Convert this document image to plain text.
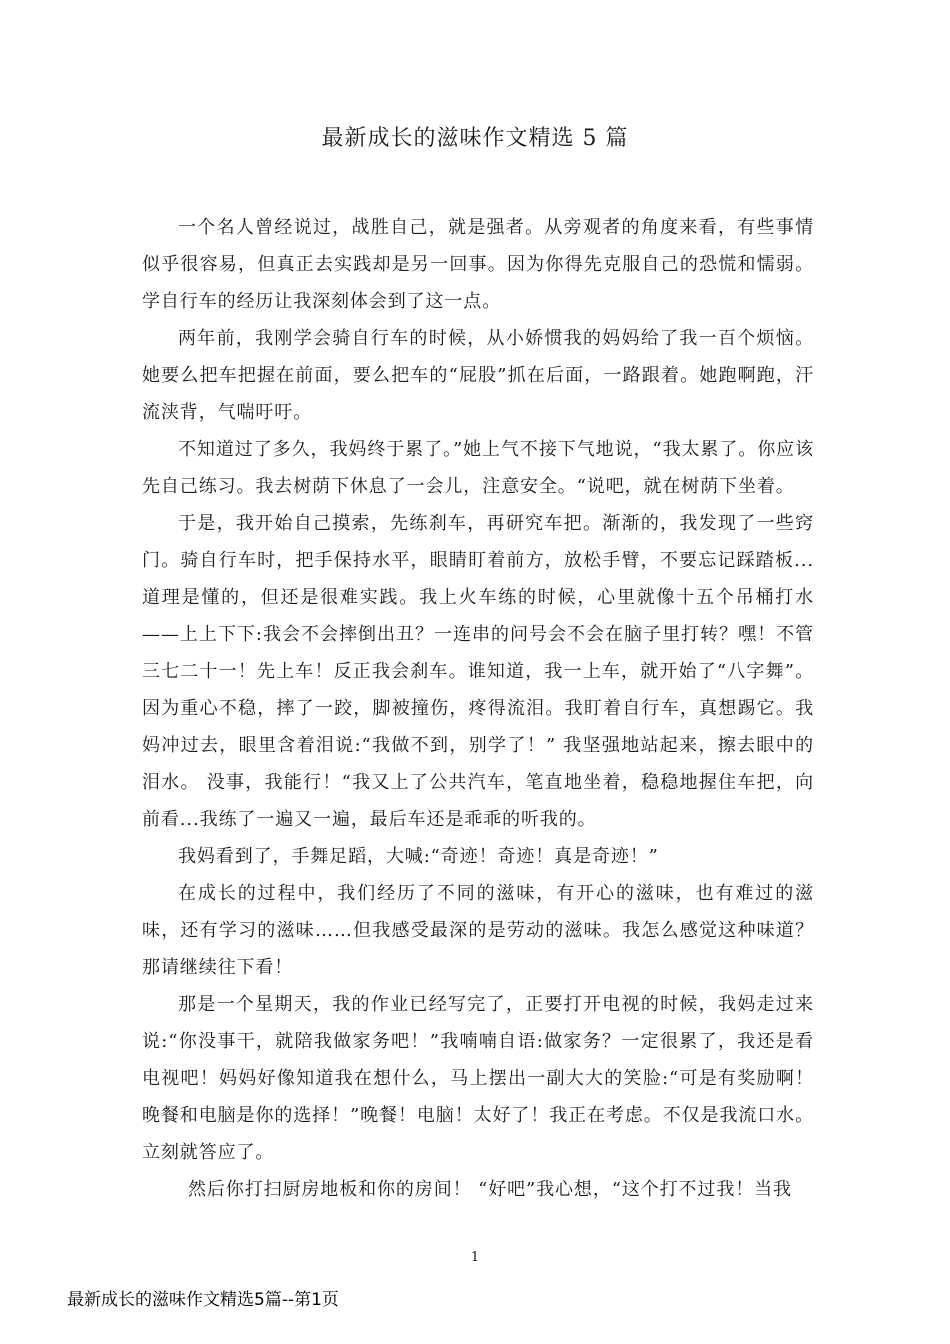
最新成长的滋味作文精选 5 篇

一个名人曾经说过，战胜自己，就是强者。从旁观者的角度来看，有些事情似乎很容易，但真正去实践却是另一回事。因为你得先克服自己的恐慌和懦弱。学自行车的经历让我深刻体会到了这一点。

两年前，我刚学会骑自行车的时候，从小娇惯我的妈妈给了我一百个烦恼。她要么把车把握在前面，要么把车的“屁股”抓在后面，一路跟着。她跑啊跑，汗流浃背，气喘吁吁。

不知道过了多久，我妈终于累了。”她上气不接下气地说，“我太累了。你应该先自己练习。我去树荫下休息了一会儿，注意安全。“说吧，就在树荫下坐着。

于是，我开始自己摸索，先练刹车，再研究车把。渐渐的，我发现了一些窍门。骑自行车时，把手保持水平，眼睛盯着前方，放松手臂，不要忘记踩踏板...道理是懂的，但还是很难实践。我上火车练的时候，心里就像十五个吊桶打水——上上下下:我会不会摔倒出丑？一连串的问号会不会在脑子里打转？嘿！不管三七二十一！先上车！反正我会刹车。谁知道，我一上车，就开始了“八字舞”。因为重心不稳，摔了一跤，脚被撞伤，疼得流泪。我盯着自行车，真想踢它。我妈冲过去，眼里含着泪说:“我做不到，别学了！” 我坚强地站起来，擦去眼中的泪水。 没事，我能行！“我又上了公共汽车，笔直地坐着，稳稳地握住车把，向前看...我练了一遍又一遍，最后车还是乖乖的听我的。

我妈看到了，手舞足蹈，大喊:“奇迹！奇迹！真是奇迹！”

在成长的过程中，我们经历了不同的滋味，有开心的滋味，也有难过的滋味，还有学习的滋味……但我感受最深的是劳动的滋味。我怎么感觉这种味道？那请继续往下看！

那是一个星期天，我的作业已经写完了，正要打开电视的时候，我妈走过来说:“你没事干，就陪我做家务吧！”我喃喃自语:做家务？一定很累了，我还是看电视吧！妈妈好像知道我在想什么，马上摆出一副大大的笑脸:“可是有奖励啊！晚餐和电脑是你的选择！”晚餐！电脑！太好了！我正在考虑。不仅是我流口水。立刻就答应了。

然后你打扫厨房地板和你的房间！ “好吧”我心想，“这个打不过我！当我

1
最新成长的滋味作文精选5篇--第1页
